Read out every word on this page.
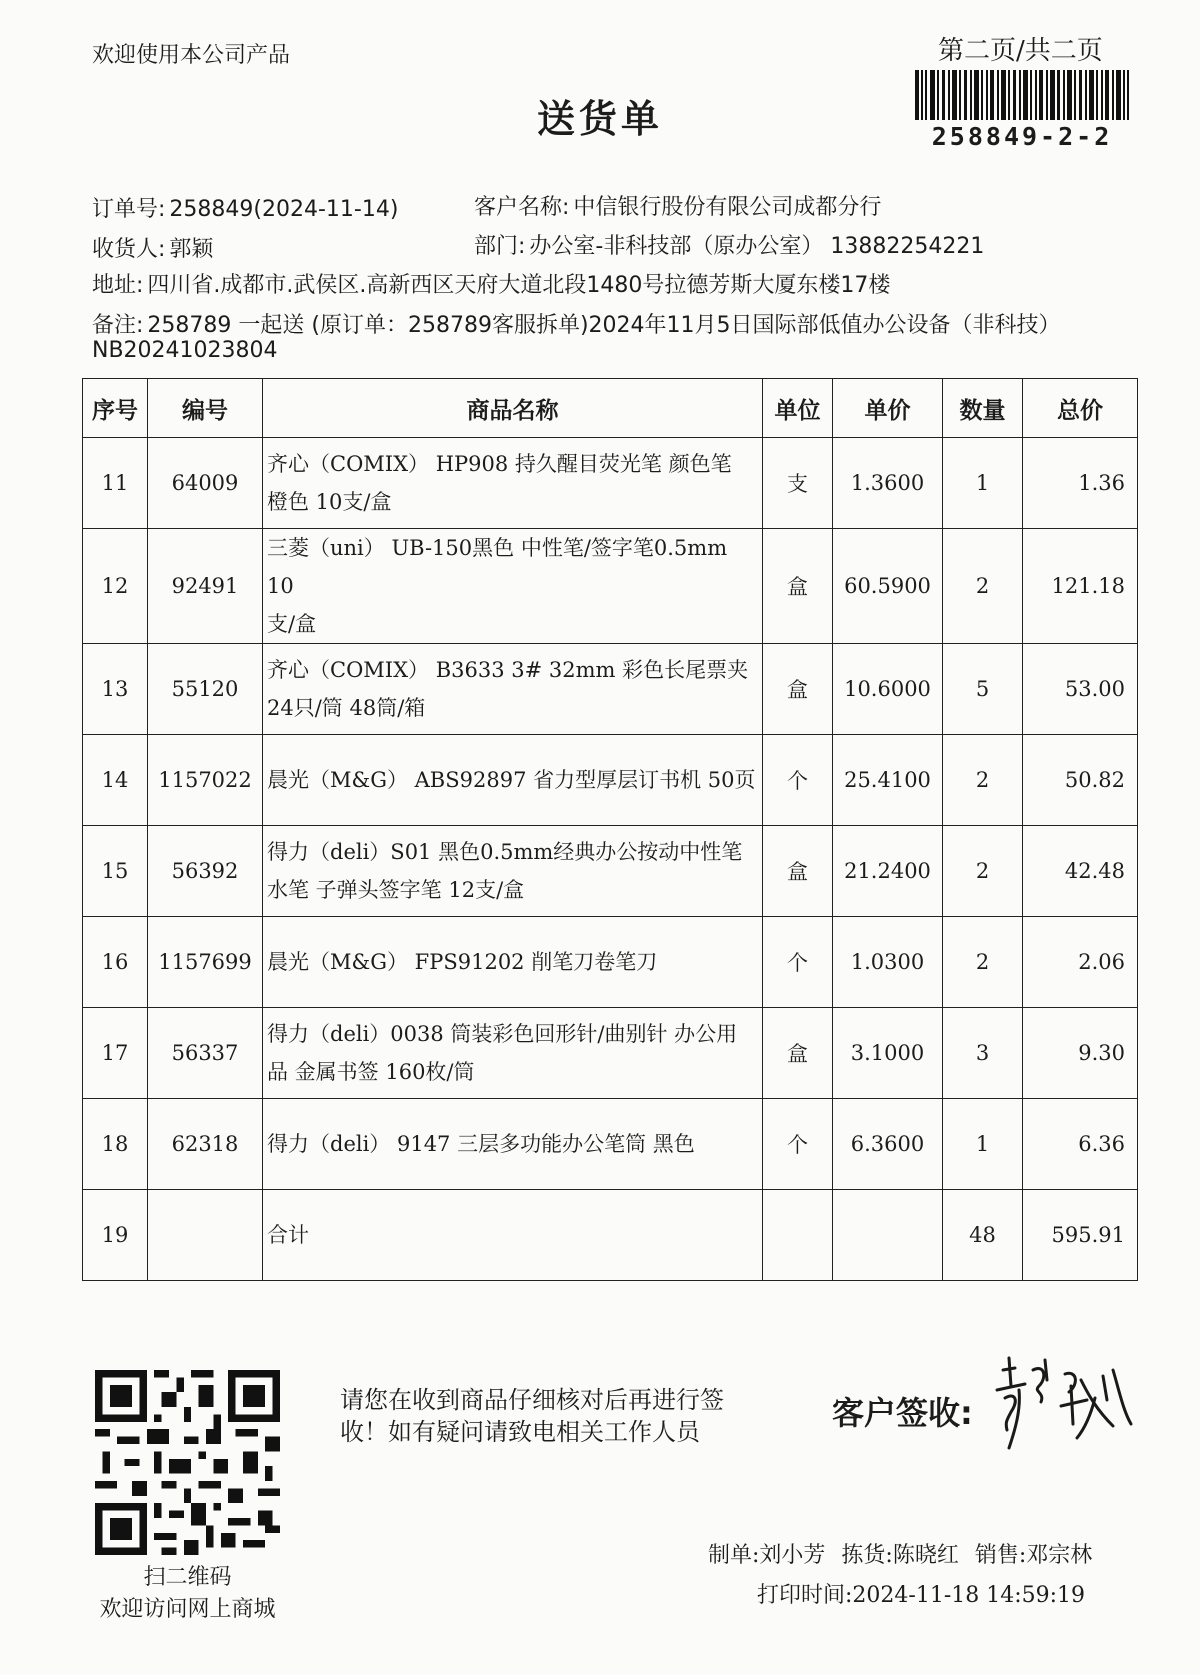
欢迎使用本公司产品	第二页/共二页
258849-2-2
送货单
订单号: 258849(2024-11-14)	客户名称: 中信银行股份有限公司成都分行
收货人: 郭颖	部门: 办公室-非科技部（原办公室） 13882254221
地址: 四川省.成都市.武侯区.高新西区天府大道北段1480号拉德芳斯大厦东楼17楼
备注: 258789 一起送 (原订单：258789客服拆单)2024年11月5日国际部低值办公设备（非科技）
NB20241023804
序号	编号	商品名称	单位	单价	数量	总价
11	64009	齐心（COMIX） HP908 持久醒目荧光笔 颜色笔
橙色 10支/盒	支	1.3600	1	1.36
12	92491	三菱（uni） UB-150黑色 中性笔/签字笔0.5mm 10
支/盒	盒	60.5900	2	121.18
13	55120	齐心（COMIX） B3633 3# 32mm 彩色长尾票夹
24只/筒 48筒/箱	盒	10.6000	5	53.00
14	1157022	晨光（M&G） ABS92897 省力型厚层订书机 50页	个	25.4100	2	50.82
15	56392	得力（deli）S01 黑色0.5mm经典办公按动中性笔
水笔 子弹头签字笔 12支/盒	盒	21.2400	2	42.48
16	1157699	晨光（M&G） FPS91202 削笔刀卷笔刀	个	1.0300	2	2.06
17	56337	得力（deli）0038 筒装彩色回形针/曲别针 办公用
品 金属书签 160枚/筒	盒	3.1000	3	9.30
18	62318	得力（deli） 9147 三层多功能办公笔筒 黑色	个	6.3600	1	6.36
19		合计			48	595.91
扫二维码
欢迎访问网上商城
请您在收到商品仔细核对后再进行签
收！如有疑问请致电相关工作人员	客户签收:
制单:刘小芳 拣货:陈晓红 销售:邓宗林
打印时间:2024-11-18 14:59:19
